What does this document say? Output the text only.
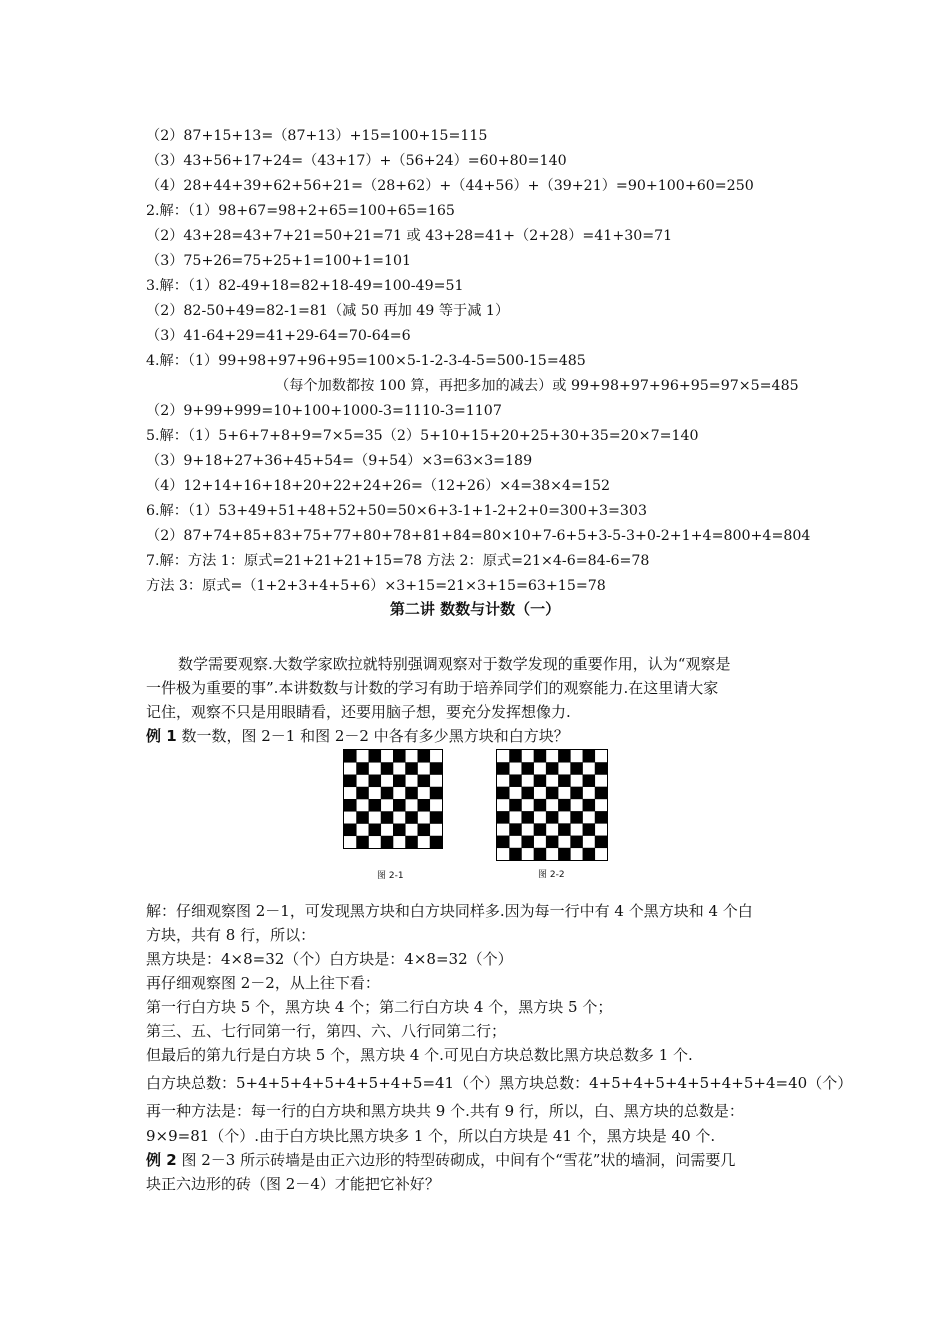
（2）87+15+13=（87+13）+15=100+15=115
（3）43+56+17+24=（43+17）+（56+24）=60+80=140
（4）28+44+39+62+56+21=（28+62）+（44+56）+（39+21）=90+100+60=250
2.解：（1）98+67=98+2+65=100+65=165
（2）43+28=43+7+21=50+21=71 或 43+28=41+（2+28）=41+30=71
（3）75+26=75+25+1=100+1=101
3.解：（1）82-49+18=82+18-49=100-49=51
（2）82-50+49=82-1=81（减 50 再加 49 等于减 1）
（3）41-64+29=41+29-64=70-64=6
4.解：（1）99+98+97+96+95=100×5-1-2-3-4-5=500-15=485
（每个加数都按 100 算，再把多加的减去）或 99+98+97+96+95=97×5=485
（2）9+99+999=10+100+1000-3=1110-3=1107
5.解：（1）5+6+7+8+9=7×5=35（2）5+10+15+20+25+30+35=20×7=140
（3）9+18+27+36+45+54=（9+54）×3=63×3=189
（4）12+14+16+18+20+22+24+26=（12+26）×4=38×4=152
6.解：（1）53+49+51+48+52+50=50×6+3-1+1-2+2+0=300+3=303
（2）87+74+85+83+75+77+80+78+81+84=80×10+7-6+5+3-5-3+0-2+1+4=800+4=804
7.解：方法 1：原式=21+21+21+15=78 方法 2：原式=21×4-6=84-6=78
方法 3：原式=（1+2+3+4+5+6）×3+15=21×3+15=63+15=78
第二讲 数数与计数（一）
数学需要观察.大数学家欧拉就特别强调观察对于数学发现的重要作用，认为“观察是
一件极为重要的事”.本讲数数与计数的学习有助于培养同学们的观察能力.在这里请大家
记住，观察不只是用眼睛看，还要用脑子想，要充分发挥想像力.
例 1 数一数，图 2－1 和图 2－2 中各有多少黑方块和白方块？
图 2-1	图 2-2
解：仔细观察图 2－1，可发现黑方块和白方块同样多.因为每一行中有 4 个黑方块和 4 个白
方块，共有 8 行，所以：
黑方块是：4×8=32（个）白方块是：4×8=32（个）
再仔细观察图 2－2，从上往下看：
第一行白方块 5 个，黑方块 4 个；第二行白方块 4 个，黑方块 5 个；
第三、五、七行同第一行，第四、六、八行同第二行；
但最后的第九行是白方块 5 个，黑方块 4 个.可见白方块总数比黑方块总数多 1 个.
白方块总数：5+4+5+4+5+4+5+4+5=41（个）黑方块总数：4+5+4+5+4+5+4+5+4=40（个）
再一种方法是：每一行的白方块和黑方块共 9 个.共有 9 行，所以，白、黑方块的总数是：
9×9=81（个）.由于白方块比黑方块多 1 个，所以白方块是 41 个，黑方块是 40 个.
例 2 图 2－3 所示砖墙是由正六边形的特型砖砌成，中间有个“雪花”状的墙洞，问需要几
块正六边形的砖（图 2－4）才能把它补好？
